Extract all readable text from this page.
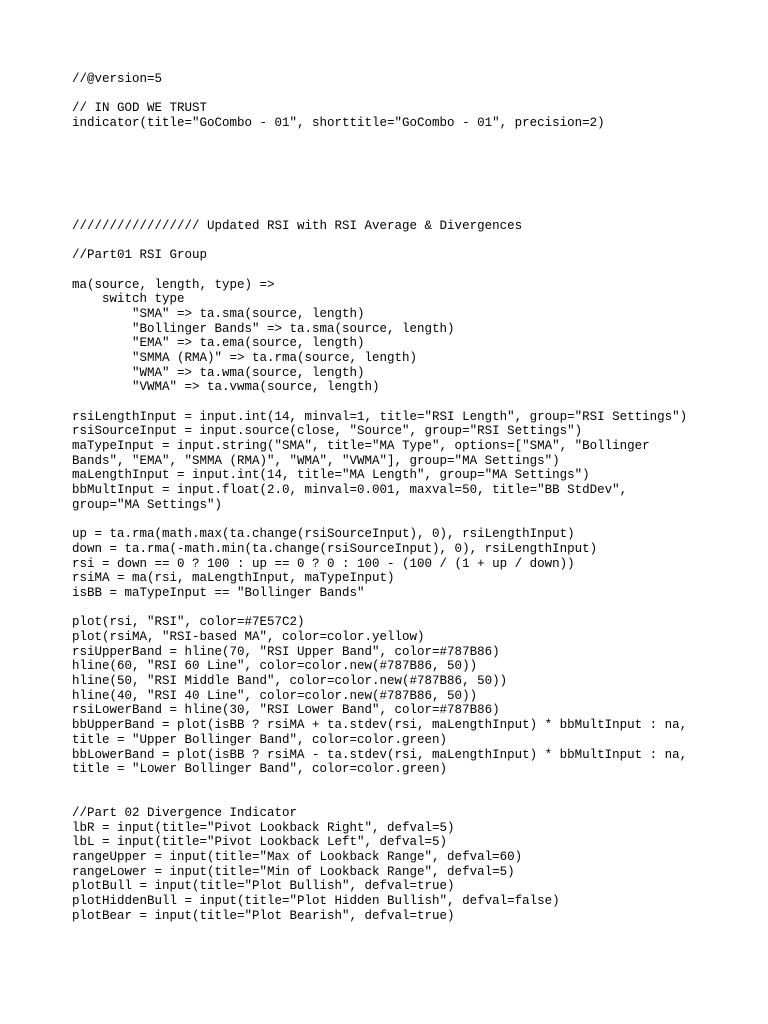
//@version=5
// IN GOD WE TRUST
indicator(title="GoCombo - 01", shorttitle="GoCombo - 01", precision=2)
///////////////// Updated RSI with RSI Average & Divergences
//Part01 RSI Group
ma(source, length, type) =>
switch type
"SMA" => ta.sma(source, length)
"Bollinger Bands" => ta.sma(source, length)
"EMA" => ta.ema(source, length)
"SMMA (RMA)" => ta.rma(source, length)
"WMA" => ta.wma(source, length)
"VWMA" => ta.vwma(source, length)
rsiLengthInput = input.int(14, minval=1, title="RSI Length", group="RSI Settings")
rsiSourceInput = input.source(close, "Source", group="RSI Settings")
maTypeInput = input.string("SMA", title="MA Type", options=["SMA", "Bollinger
Bands", "EMA", "SMMA (RMA)", "WMA", "VWMA"], group="MA Settings")
maLengthInput = input.int(14, title="MA Length", group="MA Settings")
bbMultInput = input.float(2.0, minval=0.001, maxval=50, title="BB StdDev",
group="MA Settings")
up = ta.rma(math.max(ta.change(rsiSourceInput), 0), rsiLengthInput)
down = ta.rma(-math.min(ta.change(rsiSourceInput), 0), rsiLengthInput)
rsi = down == 0 ? 100 : up == 0 ? 0 : 100 - (100 / (1 + up / down))
rsiMA = ma(rsi, maLengthInput, maTypeInput)
isBB = maTypeInput == "Bollinger Bands"
plot(rsi, "RSI", color=#7E57C2)
plot(rsiMA, "RSI-based MA", color=color.yellow)
rsiUpperBand = hline(70, "RSI Upper Band", color=#787B86)
hline(60, "RSI 60 Line", color=color.new(#787B86, 50))
hline(50, "RSI Middle Band", color=color.new(#787B86, 50))
hline(40, "RSI 40 Line", color=color.new(#787B86, 50))
rsiLowerBand = hline(30, "RSI Lower Band", color=#787B86)
bbUpperBand = plot(isBB ? rsiMA + ta.stdev(rsi, maLengthInput) * bbMultInput : na,
title = "Upper Bollinger Band", color=color.green)
bbLowerBand = plot(isBB ? rsiMA - ta.stdev(rsi, maLengthInput) * bbMultInput : na,
title = "Lower Bollinger Band", color=color.green)
//Part 02 Divergence Indicator
lbR = input(title="Pivot Lookback Right", defval=5)
lbL = input(title="Pivot Lookback Left", defval=5)
rangeUpper = input(title="Max of Lookback Range", defval=60)
rangeLower = input(title="Min of Lookback Range", defval=5)
plotBull = input(title="Plot Bullish", defval=true)
plotHiddenBull = input(title="Plot Hidden Bullish", defval=false)
plotBear = input(title="Plot Bearish", defval=true)
